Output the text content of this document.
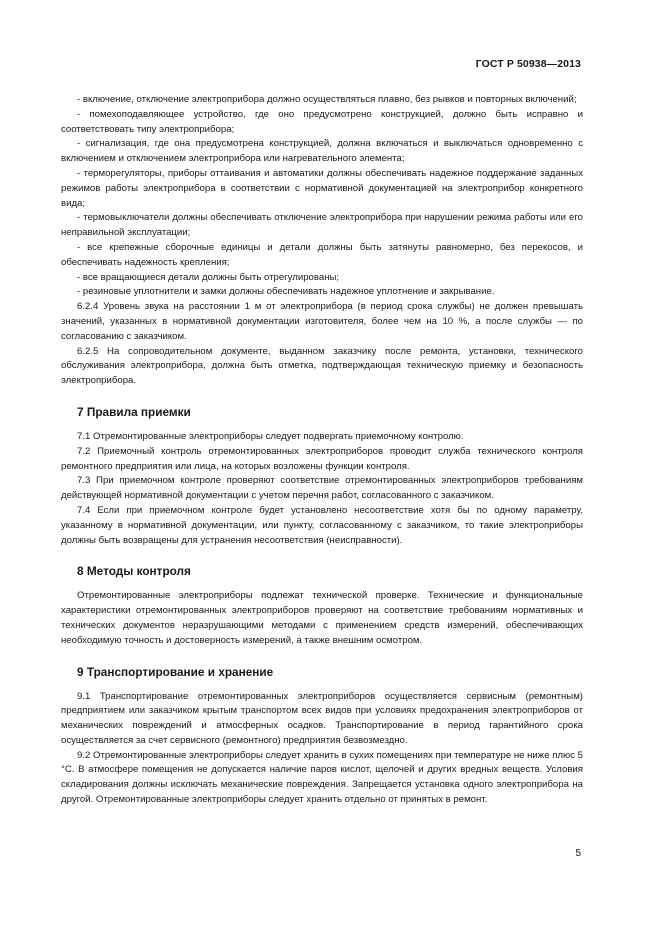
ГОСТ Р 50938—2013

- включение, отключение электроприбора должно осуществляться плавно, без рывков и повторных включений;

- помехоподавляющее устройство, где оно предусмотрено конструкцией, должно быть исправно и соответствовать типу электроприбора;

- сигнализация, где она предусмотрена конструкцией, должна включаться и выключаться одновременно с включением и отключением электроприбора или нагревательного элемента;

- терморегуляторы, приборы оттаивания и автоматики должны обеспечивать надежное поддержание заданных режимов работы электроприбора в соответствии с нормативной документацией на электроприбор конкретного вида;

- термовыключатели должны обеспечивать отключение электроприбора при нарушении режима работы или его неправильной эксплуатации;

- все крепежные сборочные единицы и детали должны быть затянуты равномерно, без перекосов, и обеспечивать надежность крепления;

- все вращающиеся детали должны быть отрегулированы;

- резиновые уплотнители и замки должны обеспечивать надежное уплотнение и закрывание.

6.2.4 Уровень звука на расстоянии 1 м от электроприбора (в период срока службы) не должен превышать значений, указанных в нормативной документации изготовителя, более чем на 10 %, а после службы — по согласованию с заказчиком.

6.2.5 На сопроводительном документе, выданном заказчику после ремонта, установки, технического обслуживания электроприбора, должна быть отметка, подтверждающая техническую приемку и безопасность электроприбора.

7 Правила приемки

7.1 Отремонтированные электроприборы следует подвергать приемочному контролю.

7.2 Приемочный контроль отремонтированных электроприборов проводит служба технического контроля ремонтного предприятия или лица, на которых возложены функции контроля.

7.3 При приемочном контроле проверяют соответствие отремонтированных электроприборов требованиям действующей нормативной документации с учетом перечня работ, согласованного с заказчиком.

7.4 Если при приемочном контроле будет установлено несоответствие хотя бы по одному параметру, указанному в нормативной документации, или пункту, согласованному с заказчиком, то такие электроприборы должны быть возвращены для устранения несоответствия (неисправности).

8 Методы контроля

Отремонтированные электроприборы подлежат технической проверке. Технические и функциональные характеристики отремонтированных электроприборов проверяют на соответствие требованиям нормативных и технических документов неразрушающими методами с применением средств измерений, обеспечивающих необходимую точность и достоверность измерений, а также внешним осмотром.

9 Транспортирование и хранение

9.1 Транспортирование отремонтированных электроприборов осуществляется сервисным (ремонтным) предприятием или заказчиком крытым транспортом всех видов при условиях предохранения электроприборов от механических повреждений и атмосферных осадков. Транспортирование в период гарантийного срока осуществляется за счет сервисного (ремонтного) предприятия безвозмездно.

9.2 Отремонтированные электроприборы следует хранить в сухих помещениях при температуре не ниже плюс 5 °С. В атмосфере помещения не допускается наличие паров кислот, щелочей и других вредных веществ. Условия складирования должны исключать механические повреждения. Запрещается установка одного электроприбора на другой. Отремонтированные электроприборы следует хранить отдельно от принятых в ремонт.

5
